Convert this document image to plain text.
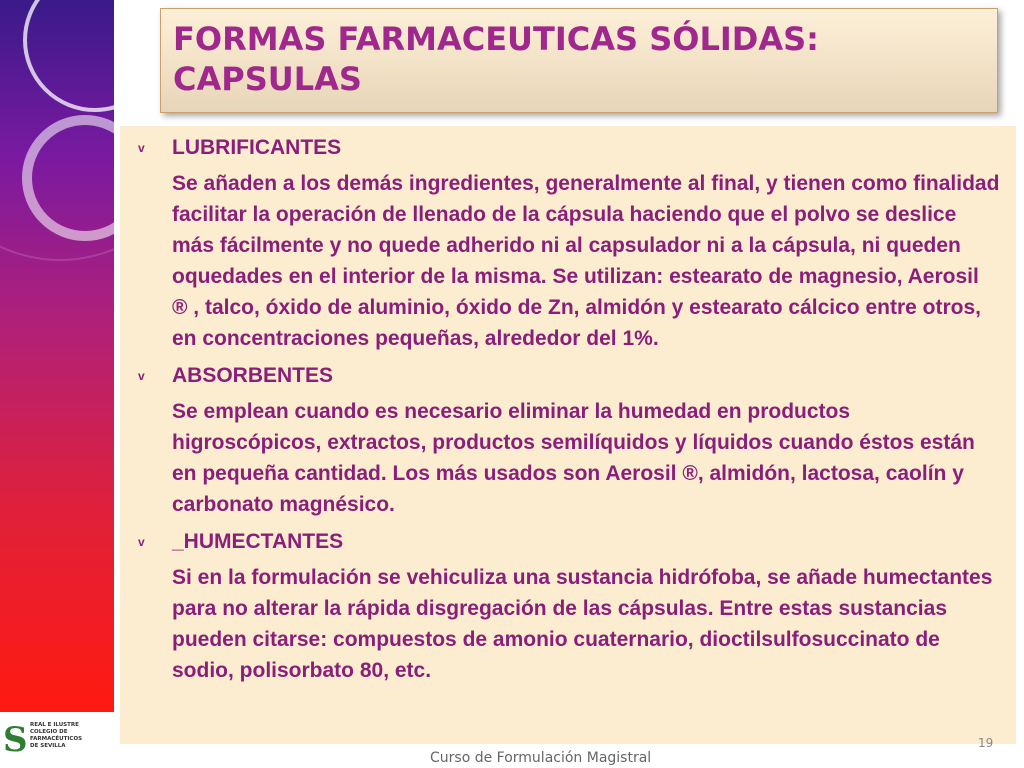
S REAL E ILUSTRE
COLEGIO DE FARMACÉUTICOS
DE SEVILLA
FORMAS FARMACEUTICAS SÓLIDAS: CAPSULAS
v LUBRIFICANTES

Se añaden a los demás ingredientes, generalmente al final, y tienen como finalidad facilitar la operación de llenado de la cápsula haciendo que el polvo se deslice más fácilmente y no quede adherido ni al capsulador ni a la cápsula, ni queden oquedades en el interior de la misma. Se utilizan: estearato de magnesio, Aerosil ® , talco, óxido de aluminio, óxido de Zn, almidón y estearato cálcico entre otros, en concentraciones pequeñas, alrededor del 1%.

v ABSORBENTES

Se emplean cuando es necesario eliminar la humedad en productos higroscópicos, extractos, productos semilíquidos y líquidos cuando éstos están en pequeña cantidad. Los más usados son Aerosil ®, almidón, lactosa, caolín y carbonato magnésico.

v _HUMECTANTES

Si en la formulación se vehiculiza una sustancia hidrófoba, se añade humectantes para no alterar la rápida disgregación de las cápsulas. Entre estas sustancias pueden citarse: compuestos de amonio cuaternario, dioctilsulfosuccinato de sodio, polisorbato 80, etc.

19
Curso de Formulación Magistral
